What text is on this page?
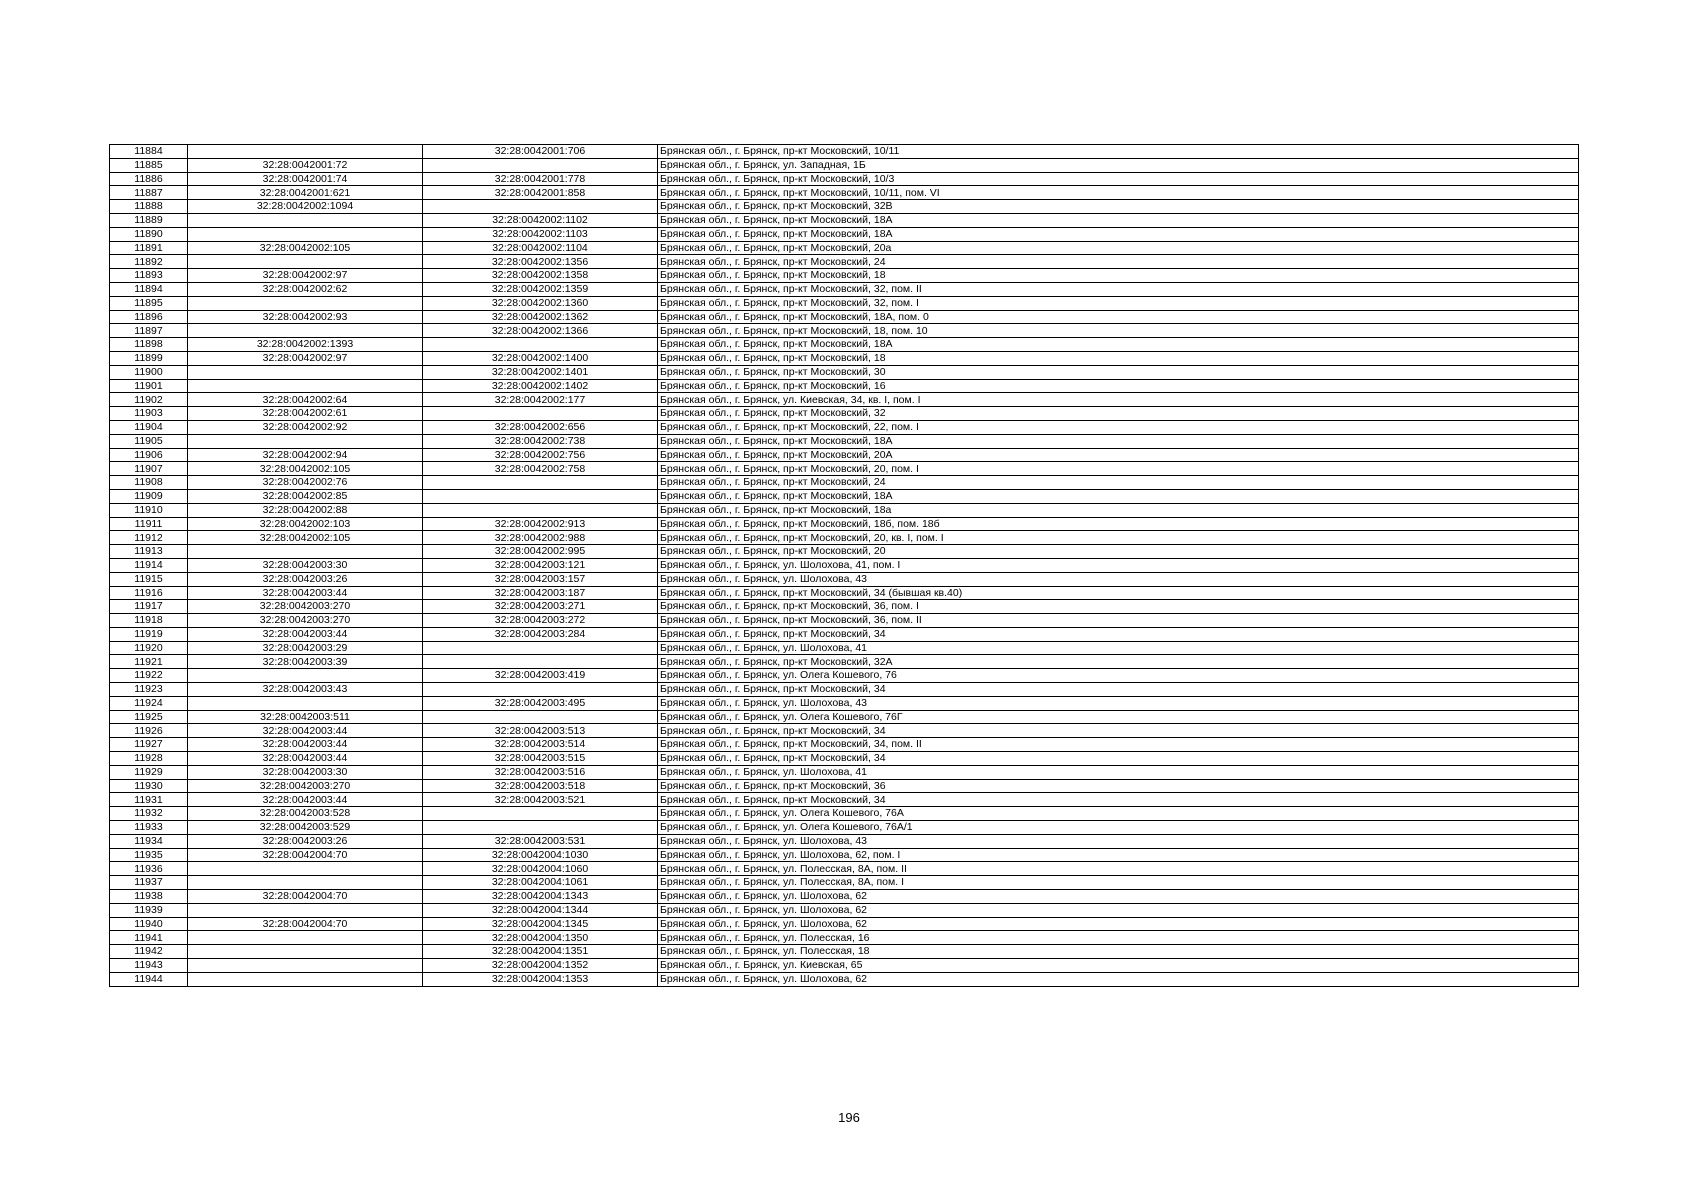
11884		32:28:0042001:706	Брянская обл., г. Брянск, пр-кт Московский, 10/11
11885	32:28:0042001:72		Брянская обл., г. Брянск, ул. Западная, 1Б
11886	32:28:0042001:74	32:28:0042001:778	Брянская обл., г. Брянск, пр-кт Московский, 10/3
11887	32:28:0042001:621	32:28:0042001:858	Брянская обл., г. Брянск, пр-кт Московский, 10/11, пом. VI
11888	32:28:0042002:1094		Брянская обл., г. Брянск, пр-кт Московский, 32В
11889		32:28:0042002:1102	Брянская обл., г. Брянск, пр-кт Московский, 18А
11890		32:28:0042002:1103	Брянская обл., г. Брянск, пр-кт Московский, 18А
11891	32:28:0042002:105	32:28:0042002:1104	Брянская обл., г. Брянск, пр-кт Московский, 20а
11892		32:28:0042002:1356	Брянская обл., г. Брянск, пр-кт Московский, 24
11893	32:28:0042002:97	32:28:0042002:1358	Брянская обл., г. Брянск, пр-кт Московский, 18
11894	32:28:0042002:62	32:28:0042002:1359	Брянская обл., г. Брянск, пр-кт Московский, 32, пом. II
11895		32:28:0042002:1360	Брянская обл., г. Брянск, пр-кт Московский, 32, пом. I
11896	32:28:0042002:93	32:28:0042002:1362	Брянская обл., г. Брянск, пр-кт Московский, 18А, пом. 0
11897		32:28:0042002:1366	Брянская обл., г. Брянск, пр-кт Московский, 18, пом. 10
11898	32:28:0042002:1393		Брянская обл., г. Брянск, пр-кт Московский, 18А
11899	32:28:0042002:97	32:28:0042002:1400	Брянская обл., г. Брянск, пр-кт Московский, 18
11900		32:28:0042002:1401	Брянская обл., г. Брянск, пр-кт Московский, 30
11901		32:28:0042002:1402	Брянская обл., г. Брянск, пр-кт Московский, 16
11902	32:28:0042002:64	32:28:0042002:177	Брянская обл., г. Брянск, ул. Киевская, 34, кв. I, пом. I
11903	32:28:0042002:61		Брянская обл., г. Брянск, пр-кт Московский, 32
11904	32:28:0042002:92	32:28:0042002:656	Брянская обл., г. Брянск, пр-кт Московский, 22, пом. I
11905		32:28:0042002:738	Брянская обл., г. Брянск, пр-кт Московский, 18А
11906	32:28:0042002:94	32:28:0042002:756	Брянская обл., г. Брянск, пр-кт Московский, 20А
11907	32:28:0042002:105	32:28:0042002:758	Брянская обл., г. Брянск, пр-кт Московский, 20, пом. I
11908	32:28:0042002:76		Брянская обл., г. Брянск, пр-кт Московский, 24
11909	32:28:0042002:85		Брянская обл., г. Брянск, пр-кт Московский, 18А
11910	32:28:0042002:88		Брянская обл., г. Брянск, пр-кт Московский, 18а
11911	32:28:0042002:103	32:28:0042002:913	Брянская обл., г. Брянск, пр-кт Московский, 18б, пом. 18б
11912	32:28:0042002:105	32:28:0042002:988	Брянская обл., г. Брянск, пр-кт Московский, 20, кв. I, пом. I
11913		32:28:0042002:995	Брянская обл., г. Брянск, пр-кт Московский, 20
11914	32:28:0042003:30	32:28:0042003:121	Брянская обл., г. Брянск, ул. Шолохова, 41, пом. I
11915	32:28:0042003:26	32:28:0042003:157	Брянская обл., г. Брянск, ул. Шолохова, 43
11916	32:28:0042003:44	32:28:0042003:187	Брянская обл., г. Брянск, пр-кт Московский, 34 (бывшая кв.40)
11917	32:28:0042003:270	32:28:0042003:271	Брянская обл., г. Брянск, пр-кт Московский, 36, пом. I
11918	32:28:0042003:270	32:28:0042003:272	Брянская обл., г. Брянск, пр-кт Московский, 36, пом. II
11919	32:28:0042003:44	32:28:0042003:284	Брянская обл., г. Брянск, пр-кт Московский, 34
11920	32:28:0042003:29		Брянская обл., г. Брянск, ул. Шолохова, 41
11921	32:28:0042003:39		Брянская обл., г. Брянск, пр-кт Московский, 32А
11922		32:28:0042003:419	Брянская обл., г. Брянск, ул. Олега Кошевого, 76
11923	32:28:0042003:43		Брянская обл., г. Брянск, пр-кт Московский, 34
11924		32:28:0042003:495	Брянская обл., г. Брянск, ул. Шолохова, 43
11925	32:28:0042003:511		Брянская обл., г. Брянск, ул. Олега Кошевого, 76Г
11926	32:28:0042003:44	32:28:0042003:513	Брянская обл., г. Брянск, пр-кт Московский, 34
11927	32:28:0042003:44	32:28:0042003:514	Брянская обл., г. Брянск, пр-кт Московский, 34, пом. II
11928	32:28:0042003:44	32:28:0042003:515	Брянская обл., г. Брянск, пр-кт Московский, 34
11929	32:28:0042003:30	32:28:0042003:516	Брянская обл., г. Брянск, ул. Шолохова, 41
11930	32:28:0042003:270	32:28:0042003:518	Брянская обл., г. Брянск, пр-кт Московский, 36
11931	32:28:0042003:44	32:28:0042003:521	Брянская обл., г. Брянск, пр-кт Московский, 34
11932	32:28:0042003:528		Брянская обл., г. Брянск, ул. Олега Кошевого, 76А
11933	32:28:0042003:529		Брянская обл., г. Брянск, ул. Олега Кошевого, 76А/1
11934	32:28:0042003:26	32:28:0042003:531	Брянская обл., г. Брянск, ул. Шолохова, 43
11935	32:28:0042004:70	32:28:0042004:1030	Брянская обл., г. Брянск, ул. Шолохова, 62, пом. I
11936		32:28:0042004:1060	Брянская обл., г. Брянск, ул. Полесская, 8А, пом. II
11937		32:28:0042004:1061	Брянская обл., г. Брянск, ул. Полесская, 8А, пом. I
11938	32:28:0042004:70	32:28:0042004:1343	Брянская обл., г. Брянск, ул. Шолохова, 62
11939		32:28:0042004:1344	Брянская обл., г. Брянск, ул. Шолохова, 62
11940	32:28:0042004:70	32:28:0042004:1345	Брянская обл., г. Брянск, ул. Шолохова, 62
11941		32:28:0042004:1350	Брянская обл., г. Брянск, ул. Полесская, 16
11942		32:28:0042004:1351	Брянская обл., г. Брянск, ул. Полесская, 18
11943		32:28:0042004:1352	Брянская обл., г. Брянск, ул. Киевская, 65
11944		32:28:0042004:1353	Брянская обл., г. Брянск, ул. Шолохова, 62
196
